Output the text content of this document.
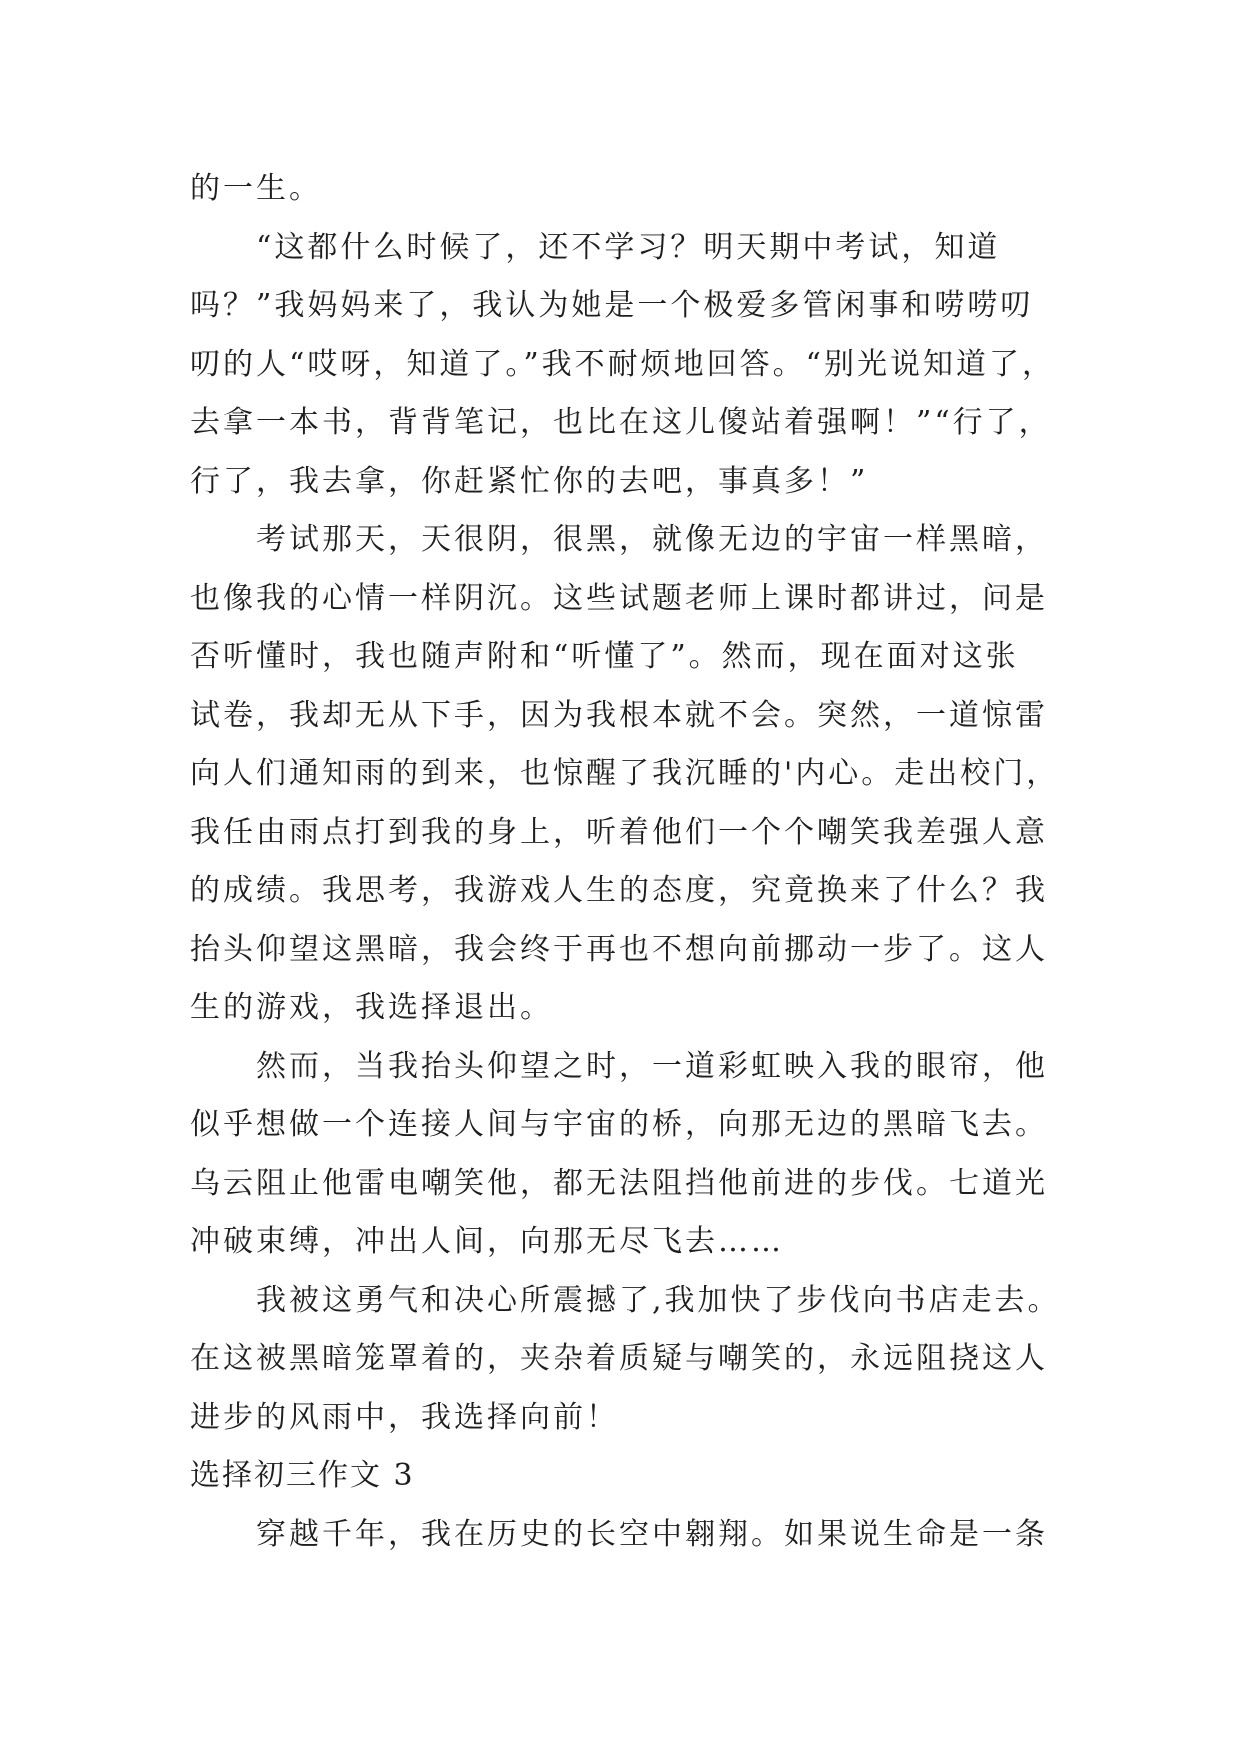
的一生。
“这都什么时候了，还不学习？明天期中考试，知道
吗？”我妈妈来了，我认为她是一个极爱多管闲事和唠唠叨
叨的人“哎呀，知道了。”我不耐烦地回答。“别光说知道了，
去拿一本书，背背笔记，也比在这儿傻站着强啊！”“行了，
行了，我去拿，你赶紧忙你的去吧，事真多！”
考试那天，天很阴，很黑，就像无边的宇宙一样黑暗，
也像我的心情一样阴沉。这些试题老师上课时都讲过，问是
否听懂时，我也随声附和“听懂了”。然而，现在面对这张
试卷，我却无从下手，因为我根本就不会。突然，一道惊雷
向人们通知雨的到来，也惊醒了我沉睡的'内心。走出校门，
我任由雨点打到我的身上，听着他们一个个嘲笑我差强人意
的成绩。我思考，我游戏人生的态度，究竟换来了什么？我
抬头仰望这黑暗，我会终于再也不想向前挪动一步了。这人
生的游戏，我选择退出。
然而，当我抬头仰望之时，一道彩虹映入我的眼帘，他
似乎想做一个连接人间与宇宙的桥，向那无边的黑暗飞去。
乌云阻止他雷电嘲笑他，都无法阻挡他前进的步伐。七道光
冲破束缚，冲出人间，向那无尽飞去……
我被这勇气和决心所震撼了,我加快了步伐向书店走去。
在这被黑暗笼罩着的，夹杂着质疑与嘲笑的，永远阻挠这人
进步的风雨中，我选择向前！
选择初三作文 3
穿越千年，我在历史的长空中翱翔。如果说生命是一条
